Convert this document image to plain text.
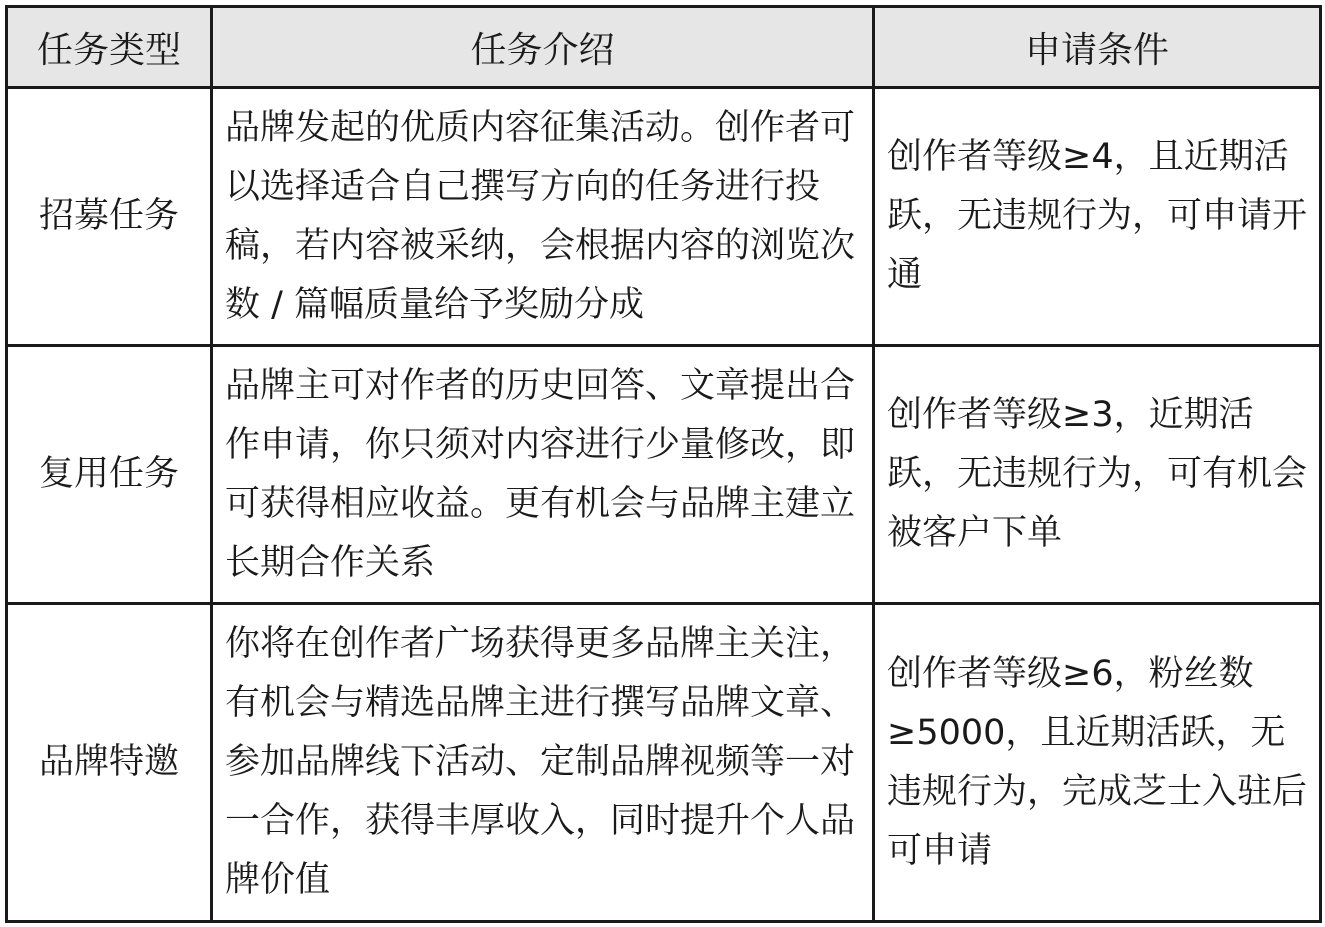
任务类型	任务介绍	申请条件
招募任务	品牌发起的优质内容征集活动。创作者可以选择适合自己撰写方向的任务进行投稿，若内容被采纳，会根据内容的浏览次数 / 篇幅质量给予奖励分成	创作者等级≥4，且近期活跃，无违规行为，可申请开通
复用任务	品牌主可对作者的历史回答、文章提出合作申请，你只须对内容进行少量修改，即可获得相应收益。更有机会与品牌主建立长期合作关系	创作者等级≥3，近期活跃，无违规行为，可有机会被客户下单
品牌特邀	你将在创作者广场获得更多品牌主关注，有机会与精选品牌主进行撰写品牌文章、参加品牌线下活动、定制品牌视频等一对一合作，获得丰厚收入，同时提升个人品牌价值	创作者等级≥6，粉丝数≥5000，且近期活跃，无违规行为，完成芝士入驻后可申请
